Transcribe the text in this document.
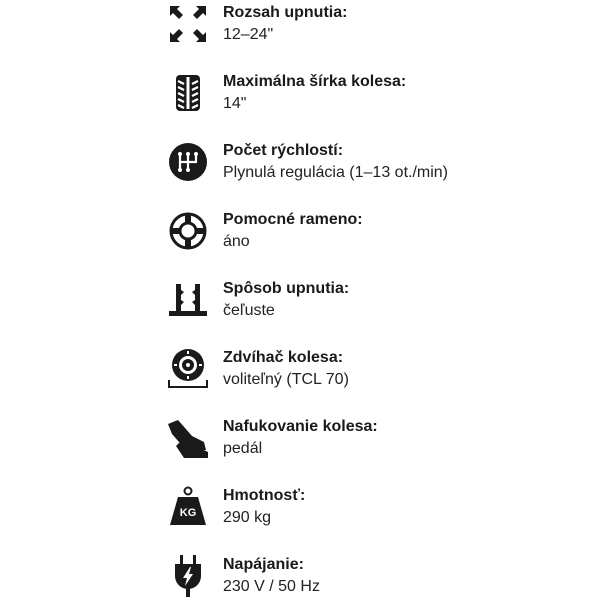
Rozsah upnutia:
12–24"
Maximálna šírka kolesa:
14"
Počet rýchlostí:
Plynulá regulácia (1–13 ot./min)
Pomocné rameno:
áno
Spôsob upnutia:
čeľuste
Zdvíhač kolesa:
voliteľný (TCL 70)
Nafukovanie kolesa:
pedál
KG
Hmotnosť:
290 kg
Napájanie:
230 V / 50 Hz
